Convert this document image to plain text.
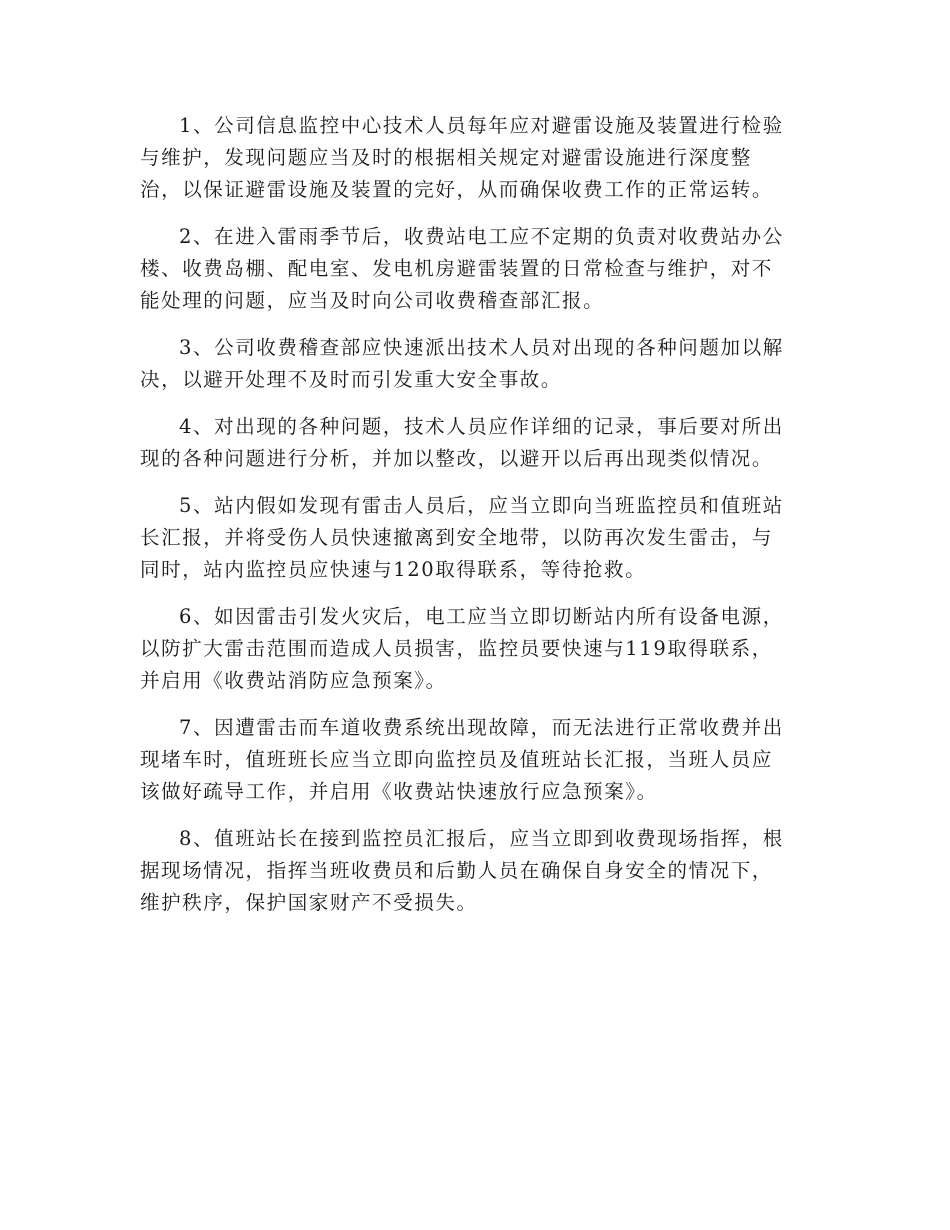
1、公司信息监控中心技术人员每年应对避雷设施及装置进行检验
与维护，发现问题应当及时的根据相关规定对避雷设施进行深度整
治，以保证避雷设施及装置的完好，从而确保收费工作的正常运转。

2、在进入雷雨季节后，收费站电工应不定期的负责对收费站办公
楼、收费岛棚、配电室、发电机房避雷装置的日常检查与维护，对不
能处理的问题，应当及时向公司收费稽查部汇报。

3、公司收费稽查部应快速派出技术人员对出现的各种问题加以解
决，以避开处理不及时而引发重大安全事故。

4、对出现的各种问题，技术人员应作详细的记录，事后要对所出
现的各种问题进行分析，并加以整改，以避开以后再出现类似情况。

5、站内假如发现有雷击人员后，应当立即向当班监控员和值班站
长汇报，并将受伤人员快速撤离到安全地带，以防再次发生雷击，与
同时，站内监控员应快速与120取得联系，等待抢救。

6、如因雷击引发火灾后，电工应当立即切断站内所有设备电源，
以防扩大雷击范围而造成人员损害，监控员要快速与119取得联系，
并启用《收费站消防应急预案》。

7、因遭雷击而车道收费系统出现故障，而无法进行正常收费并出
现堵车时，值班班长应当立即向监控员及值班站长汇报，当班人员应
该做好疏导工作，并启用《收费站快速放行应急预案》。

8、值班站长在接到监控员汇报后，应当立即到收费现场指挥，根
据现场情况，指挥当班收费员和后勤人员在确保自身安全的情况下，
维护秩序，保护国家财产不受损失。
